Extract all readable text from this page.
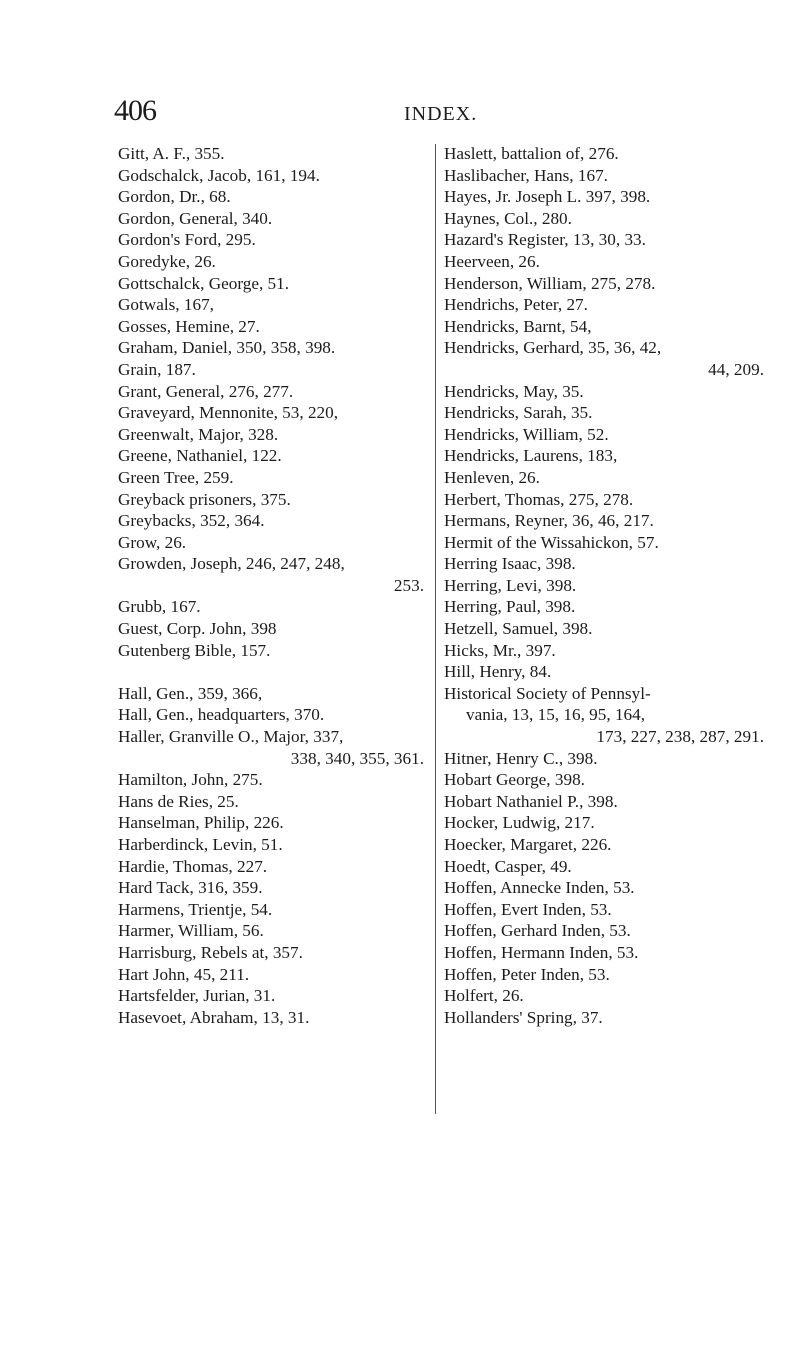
406	INDEX.
Gitt, A. F., 355.
Godschalck, Jacob, 161, 194.
Gordon, Dr., 68.
Gordon, General, 340.
Gordon's Ford, 295.
Goredyke, 26.
Gottschalck, George, 51.
Gotwals, 167,
Gosses, Hemine, 27.
Graham, Daniel, 350, 358, 398.
Grain, 187.
Grant, General, 276, 277.
Graveyard, Mennonite, 53, 220,
Greenwalt, Major, 328.
Greene, Nathaniel, 122.
Green Tree, 259.
Greyback prisoners, 375.
Greybacks, 352, 364.
Grow, 26.
Growden, Joseph, 246, 247, 248,
253.
Grubb, 167.
Guest, Corp. John, 398
Gutenberg Bible, 157.
Hall, Gen., 359, 366,
Hall, Gen., headquarters, 370.
Haller, Granville O., Major, 337,
338, 340, 355, 361.
Hamilton, John, 275.
Hans de Ries, 25.
Hanselman, Philip, 226.
Harberdinck, Levin, 51.
Hardie, Thomas, 227.
Hard Tack, 316, 359.
Harmens, Trientje, 54.
Harmer, William, 56.
Harrisburg, Rebels at, 357.
Hart John, 45, 211.
Hartsfelder, Jurian, 31.
Hasevoet, Abraham, 13, 31.
Haslett, battalion of, 276.
Haslibacher, Hans, 167.
Hayes, Jr. Joseph L. 397, 398.
Haynes, Col., 280.
Hazard's Register, 13, 30, 33.
Heerveen, 26.
Henderson, William, 275, 278.
Hendrichs, Peter, 27.
Hendricks, Barnt, 54,
Hendricks, Gerhard, 35, 36, 42,
44, 209.
Hendricks, May, 35.
Hendricks, Sarah, 35.
Hendricks, William, 52.
Hendricks, Laurens, 183,
Henleven, 26.
Herbert, Thomas, 275, 278.
Hermans, Reyner, 36, 46, 217.
Hermit of the Wissahickon, 57.
Herring Isaac, 398.
Herring, Levi, 398.
Herring, Paul, 398.
Hetzell, Samuel, 398.
Hicks, Mr., 397.
Hill, Henry, 84.
Historical Society of Pennsyl-
vania, 13, 15, 16, 95, 164,
173, 227, 238, 287, 291.
Hitner, Henry C., 398.
Hobart George, 398.
Hobart Nathaniel P., 398.
Hocker, Ludwig, 217.
Hoecker, Margaret, 226.
Hoedt, Casper, 49.
Hoffen, Annecke Inden, 53.
Hoffen, Evert Inden, 53.
Hoffen, Gerhard Inden, 53.
Hoffen, Hermann Inden, 53.
Hoffen, Peter Inden, 53.
Holfert, 26.
Hollanders' Spring, 37.
